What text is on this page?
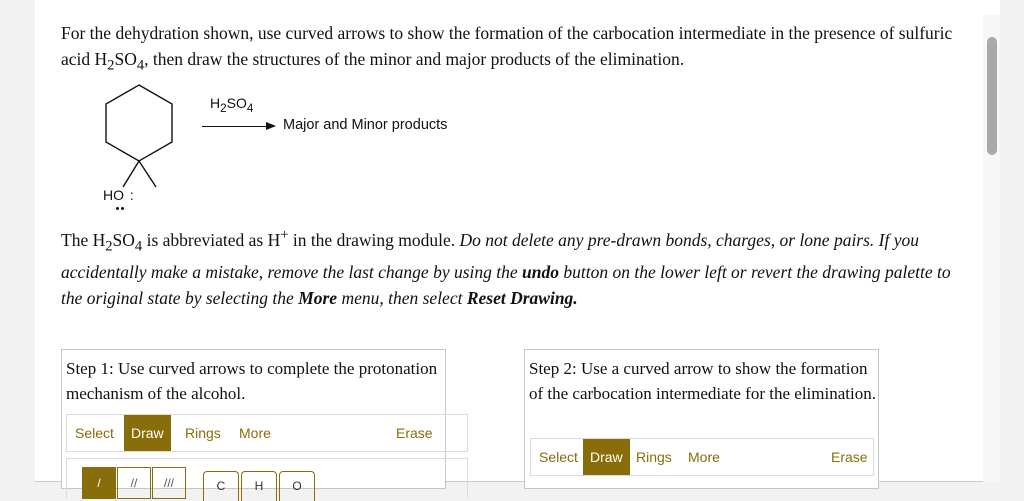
For the dehydration shown, use curved arrows to show the formation of the carbocation intermediate in the presence of sulfuric acid $H_2SO_4$, then draw the structures of the minor and major products of the elimination.
$H_2SO_4$
Major and Minor products
HO :
The $H_2SO_4$ is abbreviated as H+ in the drawing module. Do not delete any pre-drawn bonds, charges, or lone pairs. If you accidentally make a mistake, remove the last change by using the undo button on the lower left or revert the drawing palette to the original state by selecting the More menu, then select Reset Drawing.
Step 1: Use curved arrows to complete the protonation mechanism of the alcohol.
Select	Draw	Rings	More	Erase
/	//	///	C	H	O
Step 2: Use a curved arrow to show the formation of the carbocation intermediate for the elimination.
Select Draw Rings	More	Erase
